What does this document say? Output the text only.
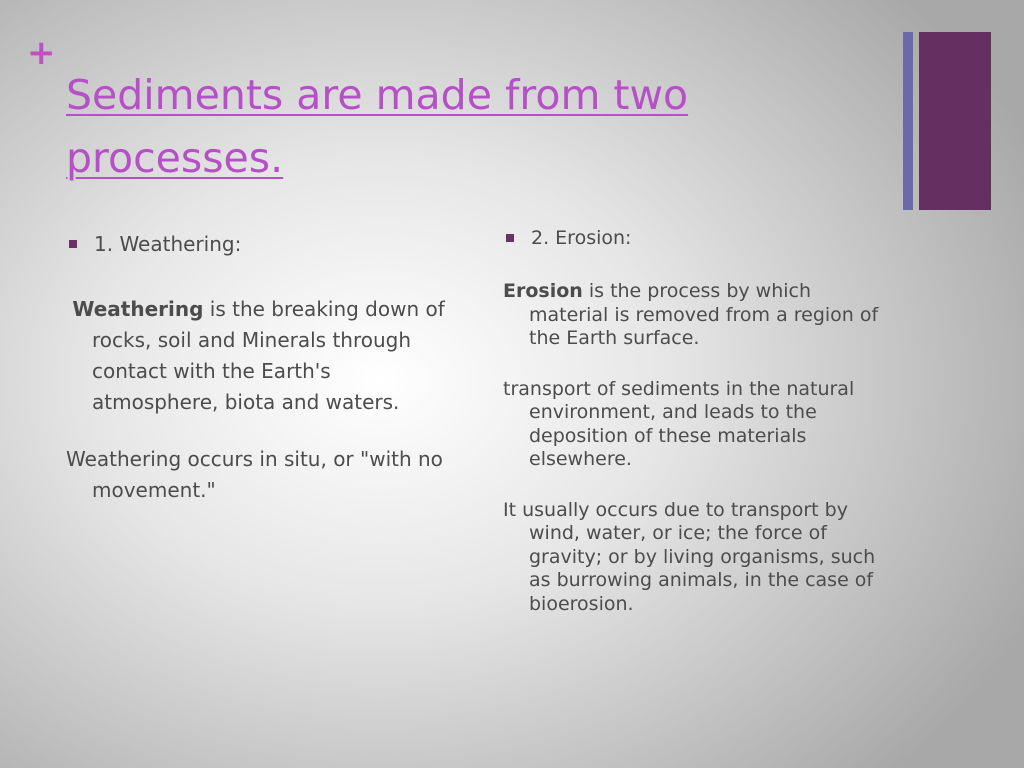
+
Sediments are made from two processes.

1. Weathering:

Weathering is the breaking down of rocks, soil and Minerals through contact with the Earth's atmosphere, biota and waters.

Weathering occurs in situ, or "with no movement."

2. Erosion:

Erosion is the process by which material is removed from a region of the Earth surface.

transport of sediments in the natural environment, and leads to the deposition of these materials elsewhere.

It usually occurs due to transport by wind, water, or ice; the force of gravity; or by living organisms, such as burrowing animals, in the case of bioerosion.
